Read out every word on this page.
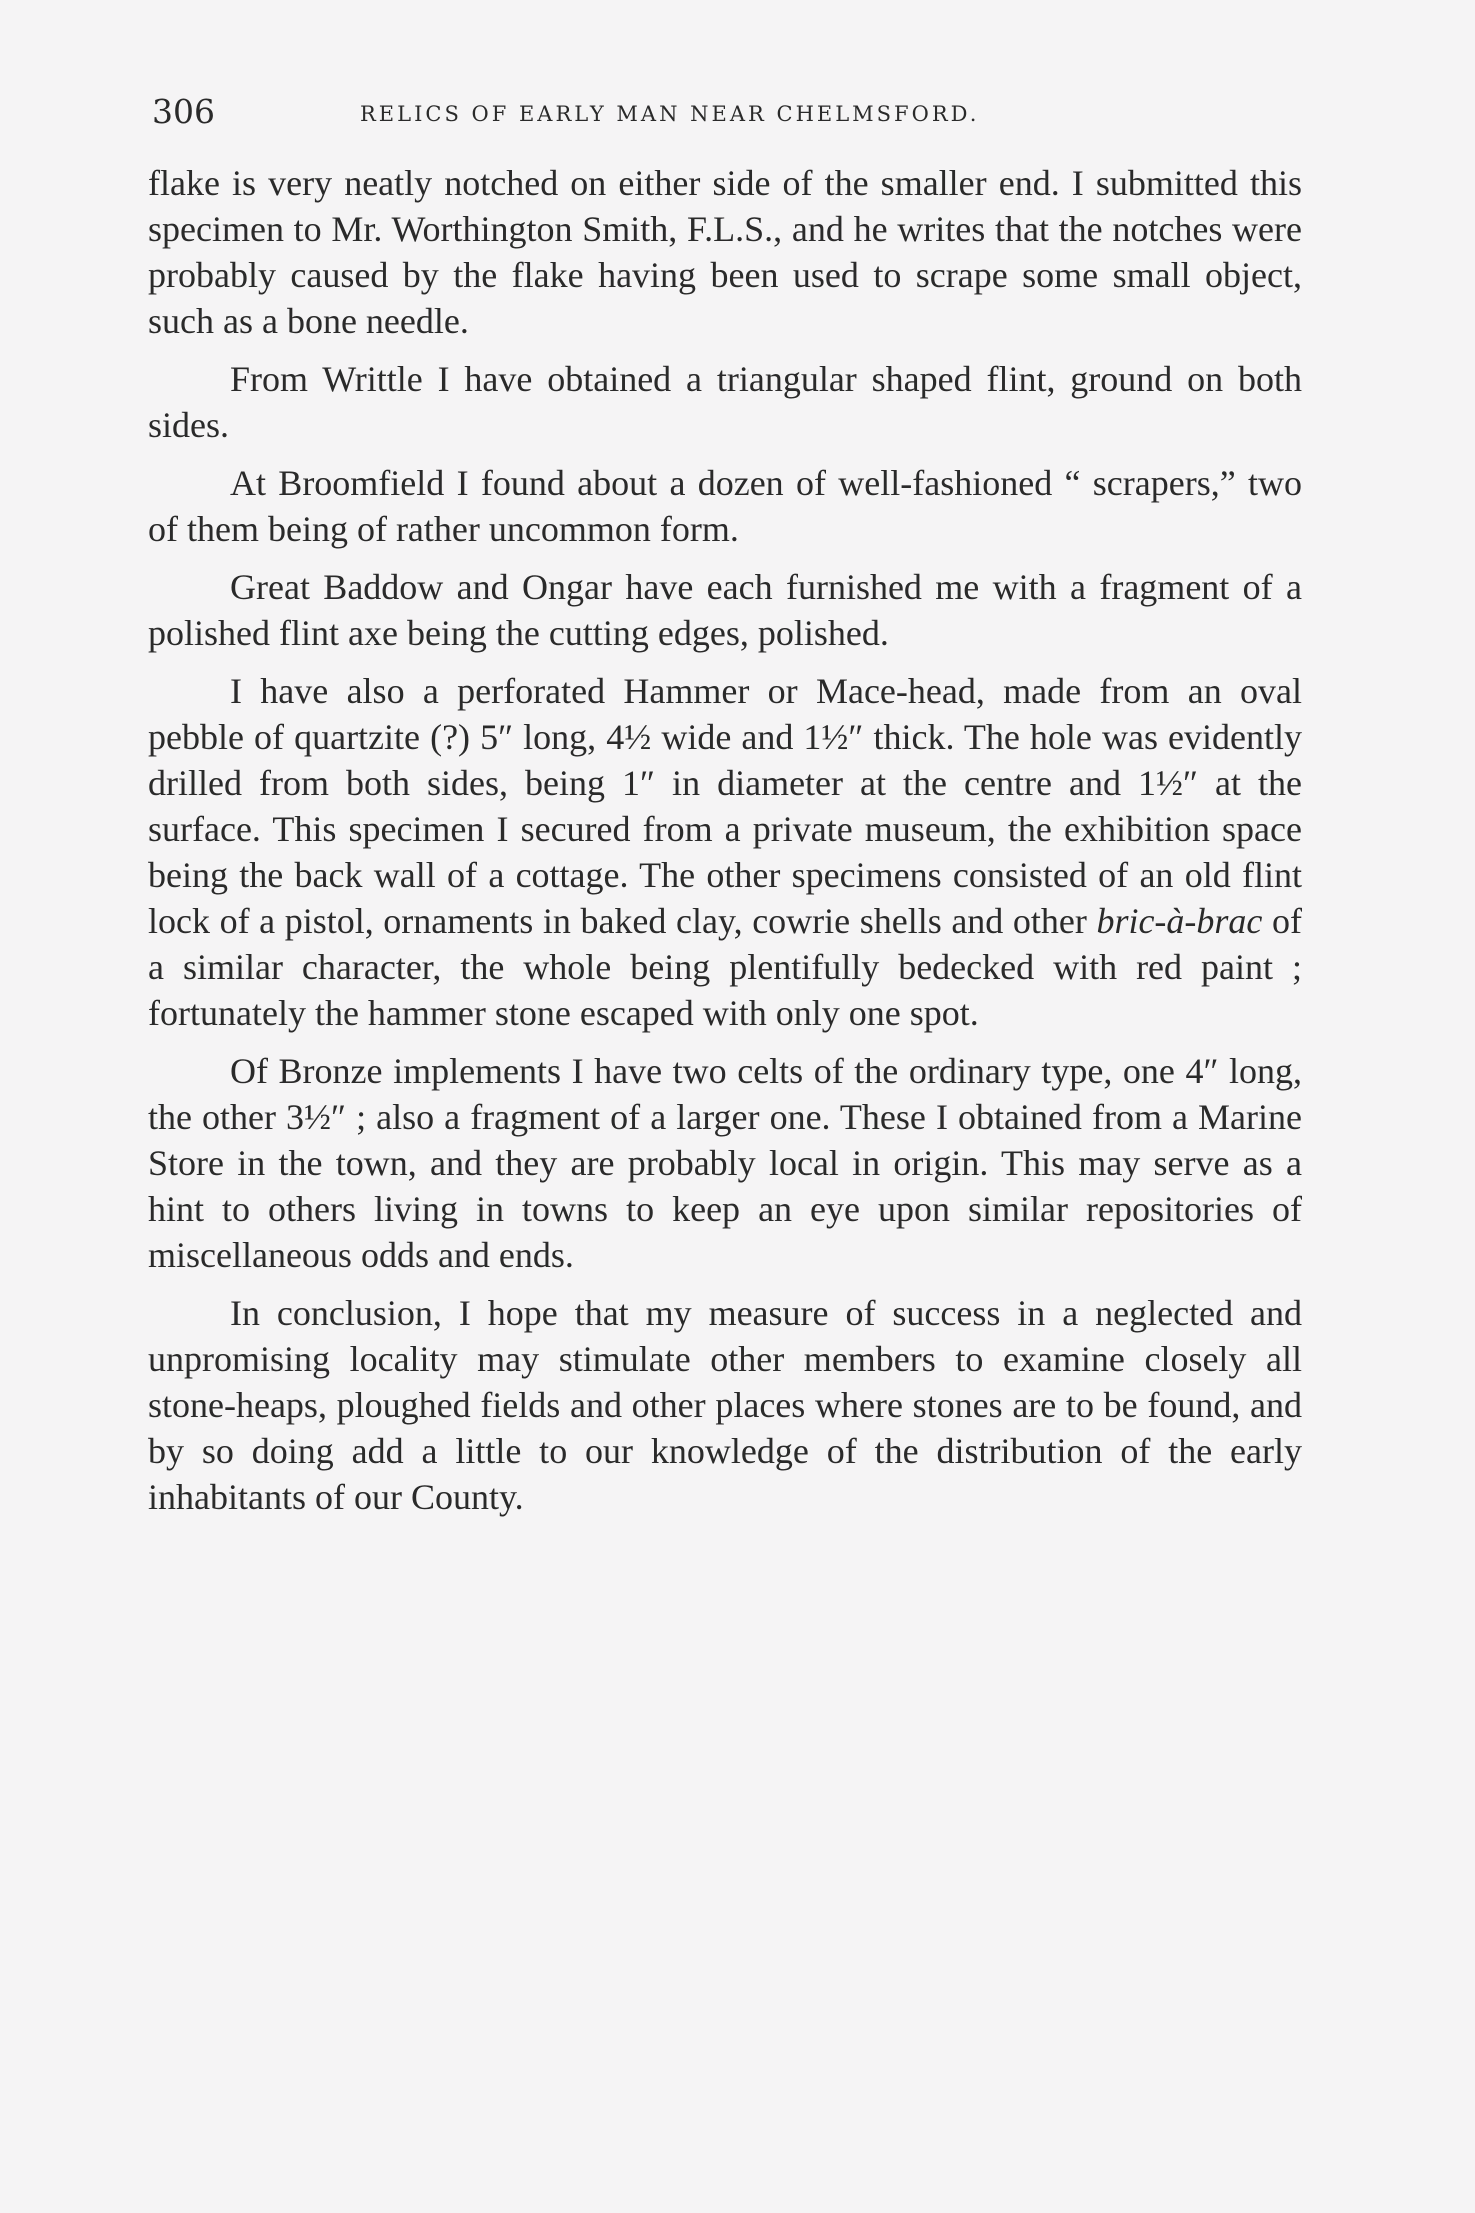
306	RELICS OF EARLY MAN NEAR CHELMSFORD.

flake is very neatly notched on either side of the smaller end. I submitted this specimen to Mr. Worthington Smith, F.L.S., and he writes that the notches were probably caused by the flake having been used to scrape some small object, such as a bone needle.

From Writtle I have obtained a triangular shaped flint, ground on both sides.

At Broomfield I found about a dozen of well-fashioned “ scrapers,” two of them being of rather uncommon form.

Great Baddow and Ongar have each furnished me with a fragment of a polished flint axe being the cutting edges, polished.

I have also a perforated Hammer or Mace-head, made from an oval pebble of quartzite (?) 5″ long, 4½ wide and 1½″ thick. The hole was evidently drilled from both sides, being 1″ in diameter at the centre and 1½″ at the surface. This specimen I secured from a private museum, the exhibition space being the back wall of a cottage. The other specimens consisted of an old flint lock of a pistol, ornaments in baked clay, cowrie shells and other bric-à-brac of a similar character, the whole being plentifully bedecked with red paint ; fortunately the hammer stone escaped with only one spot.

Of Bronze implements I have two celts of the ordinary type, one 4″ long, the other 3½″ ; also a fragment of a larger one. These I obtained from a Marine Store in the town, and they are probably local in origin. This may serve as a hint to others living in towns to keep an eye upon similar repositories of miscellaneous odds and ends.

In conclusion, I hope that my measure of success in a neglected and unpromising locality may stimulate other members to examine closely all stone-heaps, ploughed fields and other places where stones are to be found, and by so doing add a little to our knowledge of the distribution of the early inhabitants of our County.
